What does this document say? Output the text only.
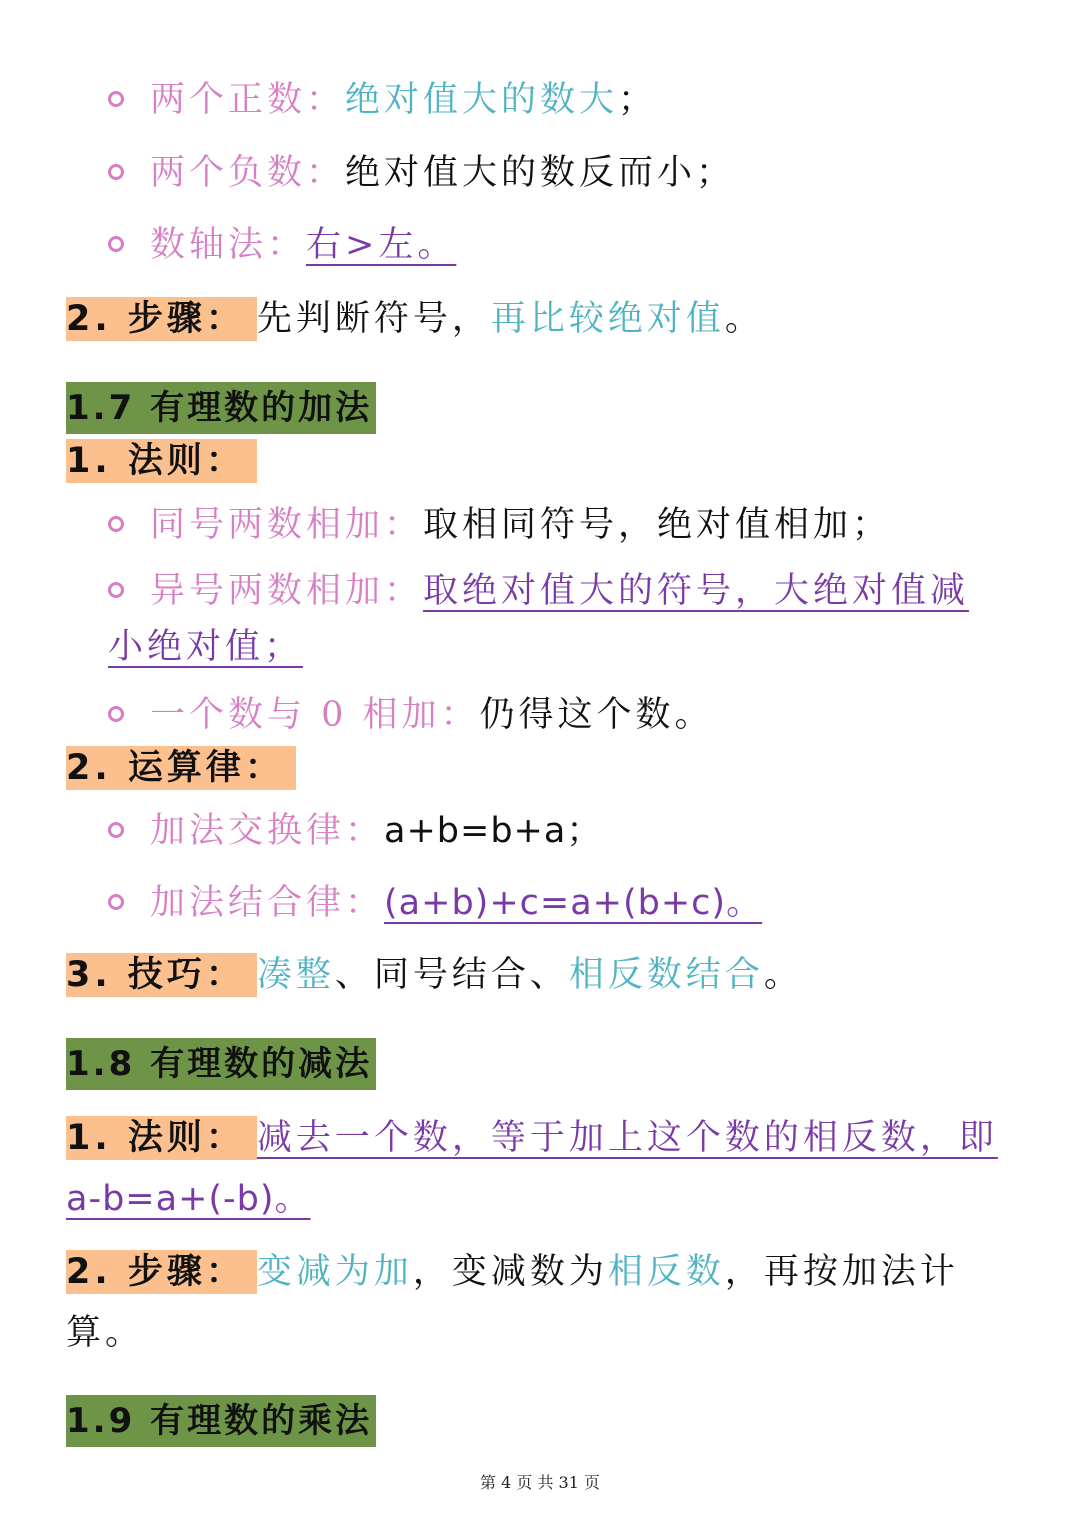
两个正数：绝对值大的数大；
两个负数：绝对值大的数反而小；
数轴法：右>左。
2. 步骤： 先判断符号，再比较绝对值。
1.7 有理数的加法
1. 法则：
同号两数相加：取相同符号，绝对值相加；
异号两数相加：取绝对值大的符号，大绝对值减
小绝对值；
一个数与 0 相加：仍得这个数。
2. 运算律：
加法交换律：a+b=b+a；
加法结合律：(a+b)+c=a+(b+c)。
3. 技巧： 凑整、同号结合、相反数结合。
1.8 有理数的减法
1. 法则： 减去一个数，等于加上这个数的相反数，即
a-b=a+(-b)。
2. 步骤： 变减为加，变减数为相反数，再按加法计
算。
1.9 有理数的乘法
第 4 页 共 31 页
